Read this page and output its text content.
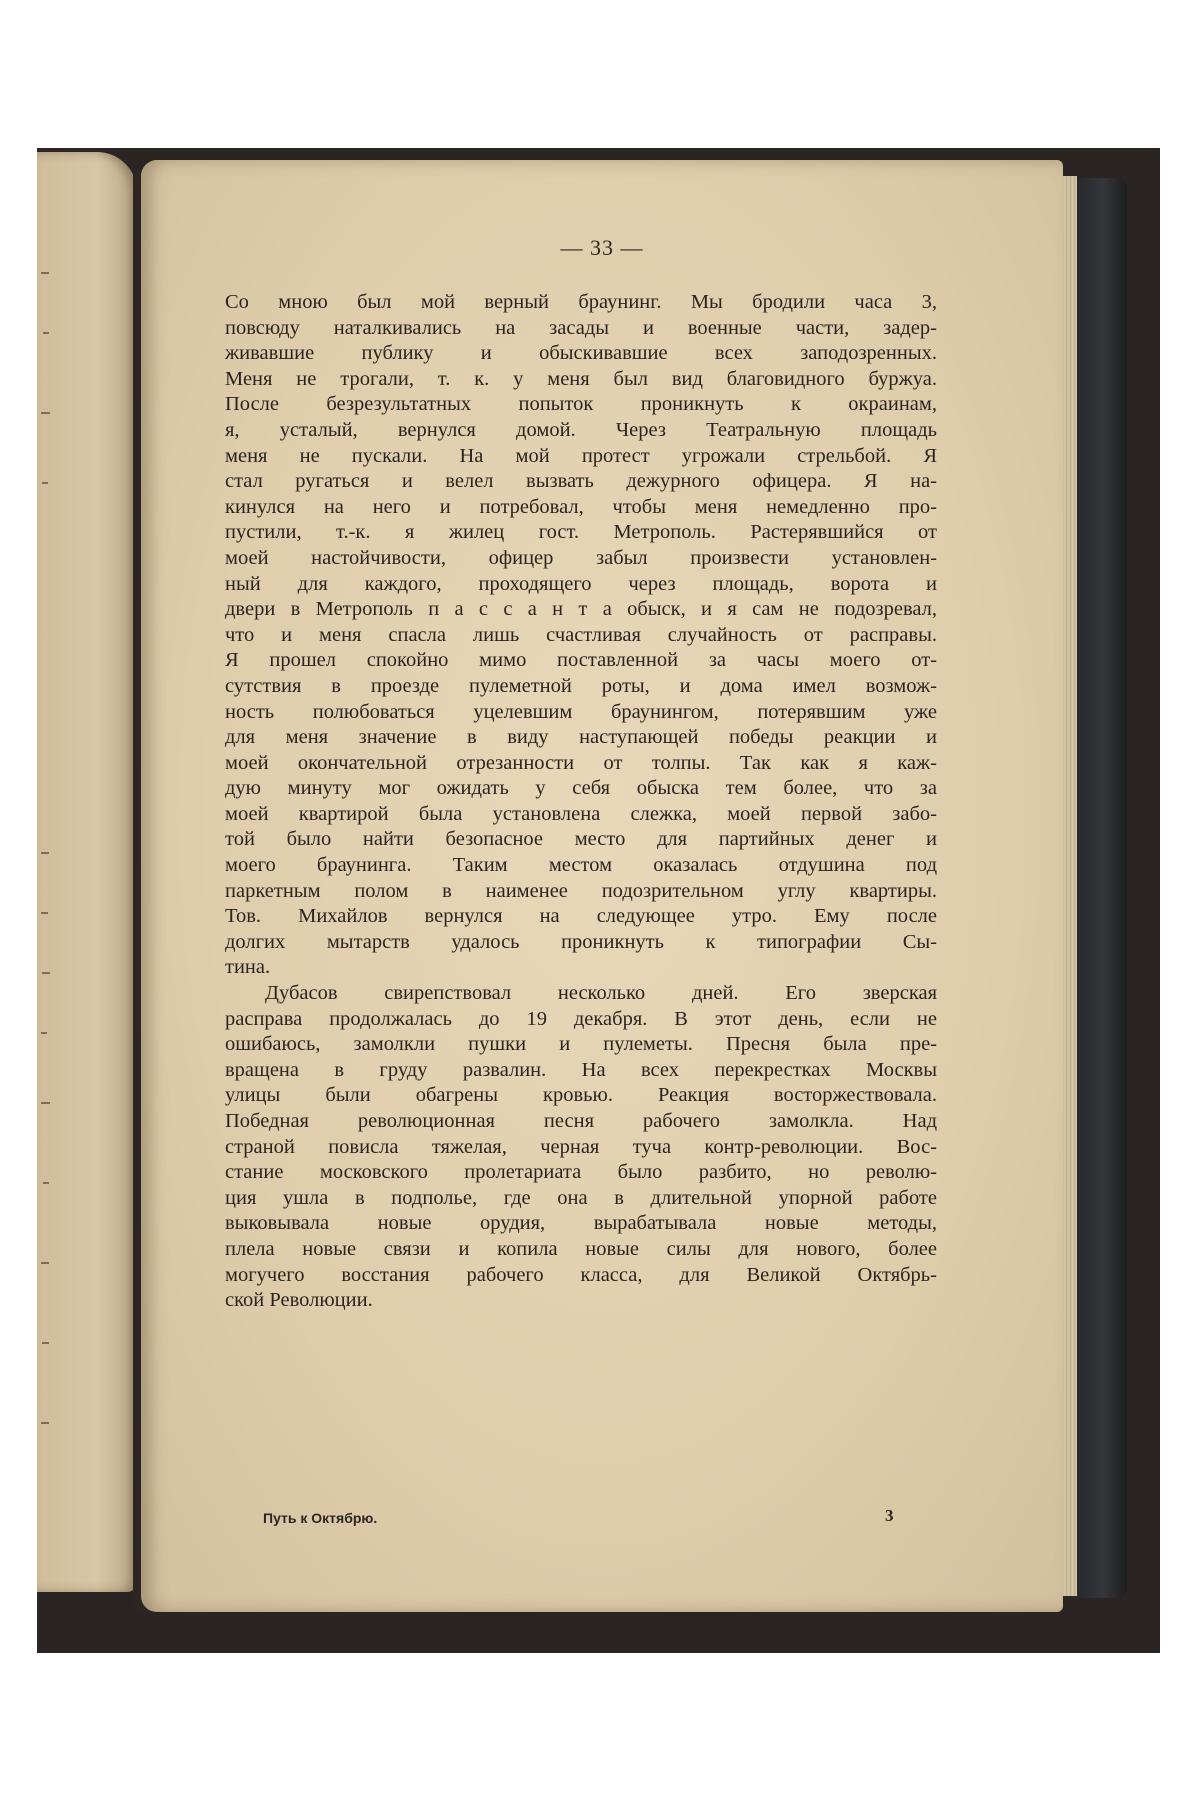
— 33 —
Со мною был мой верный браунинг. Мы бродили часа 3,
повсюду наталкивались на засады и военные части, задер-
живавшие публику и обыскивавшие всех заподозренных.
Меня не трогали, т. к. у меня был вид благовидного буржуа.
После безрезультатных попыток проникнуть к окраинам,
я, усталый, вернулся домой. Через Театральную площадь
меня не пускали. На мой протест угрожали стрельбой. Я
стал ругаться и велел вызвать дежурного офицера. Я на-
кинулся на него и потребовал, чтобы меня немедленно про-
пустили, т.-к. я жилец гост. Метрополь. Растерявшийся от
моей настойчивости, офицер забыл произвести установлен-
ный для каждого, проходящего через площадь, ворота и
двери в Метрополь п а с с а н т а обыск, и я сам не подозревал,
что и меня спасла лишь счастливая случайность от расправы.
Я прошел спокойно мимо поставленной за часы моего от-
сутствия в проезде пулеметной роты, и дома имел возмож-
ность полюбоваться уцелевшим браунингом, потерявшим уже
для меня значение в виду наступающей победы реакции и
моей окончательной отрезанности от толпы. Так как я каж-
дую минуту мог ожидать у себя обыска тем более, что за
моей квартирой была установлена слежка, моей первой забо-
той было найти безопасное место для партийных денег и
моего браунинга. Таким местом оказалась отдушина под
паркетным полом в наименее подозрительном углу квартиры.
Тов. Михайлов вернулся на следующее утро. Ему после
долгих мытарств удалось проникнуть к типографии Сы-
тина.
Дубасов свирепствовал несколько дней. Его зверская
расправа продолжалась до 19 декабря. В этот день, если не
ошибаюсь, замолкли пушки и пулеметы. Пресня была пре-
вращена в груду развалин. На всех перекрестках Москвы
улицы были обагрены кровью. Реакция восторжествовала.
Победная революционная песня рабочего замолкла. Над
страной повисла тяжелая, черная туча контр-революции. Вос-
стание московского пролетариата было разбито, но револю-
ция ушла в подполье, где она в длительной упорной работе
выковывала новые орудия, вырабатывала новые методы,
плела новые связи и копила новые силы для нового, более
могучего восстания рабочего класса, для Великой Октябрь-
ской Революции.
Путь к Октябрю.	3
